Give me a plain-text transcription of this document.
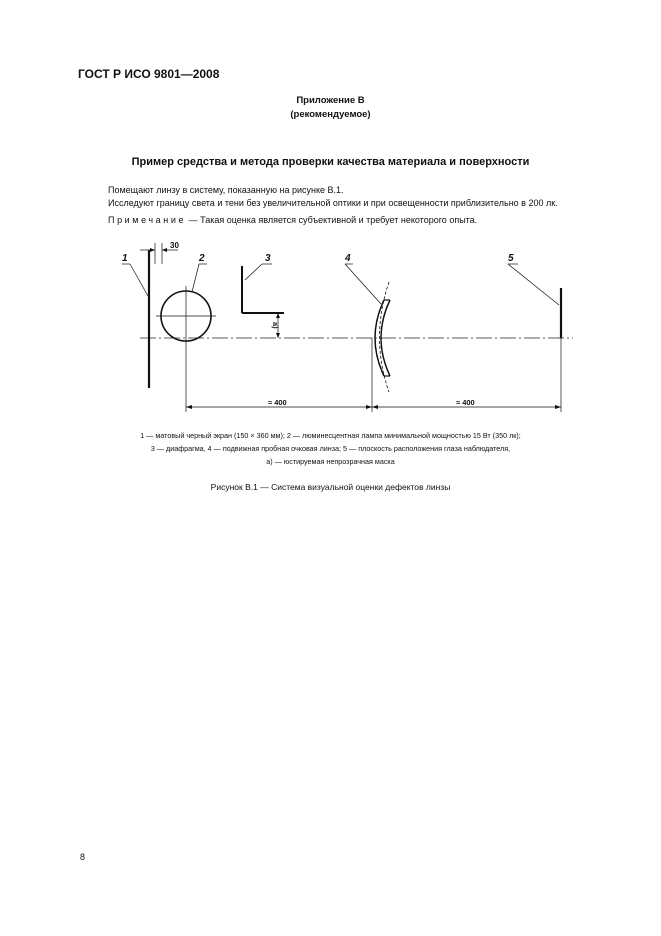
ГОСТ Р ИСО 9801—2008
Приложение В
(рекомендуемое)
Пример средства и метода проверки качества материала и поверхности
Помещают линзу в систему, показанную на рисунке В.1.
Исследуют границу света и тени без увеличительной оптики и при освещенности приблизительно в 200 лк.
Примечание — Такая оценка является субъективной и требует некоторого опыта.
30
1	2	3
a)
4	5
≈ 400	≈ 400
1 — матовый черный экран (150 × 360 мм); 2 — люминесцентная лампа минимальной мощностью 15 Вт (350 лк);
3 — диафрагма, 4 — подвижная пробная очковая линза; 5 — плоскость расположения глаза наблюдателя,
а) — юстируемая непрозрачная маска
Рисунок В.1 — Система визуальной оценки дефектов линзы
8
